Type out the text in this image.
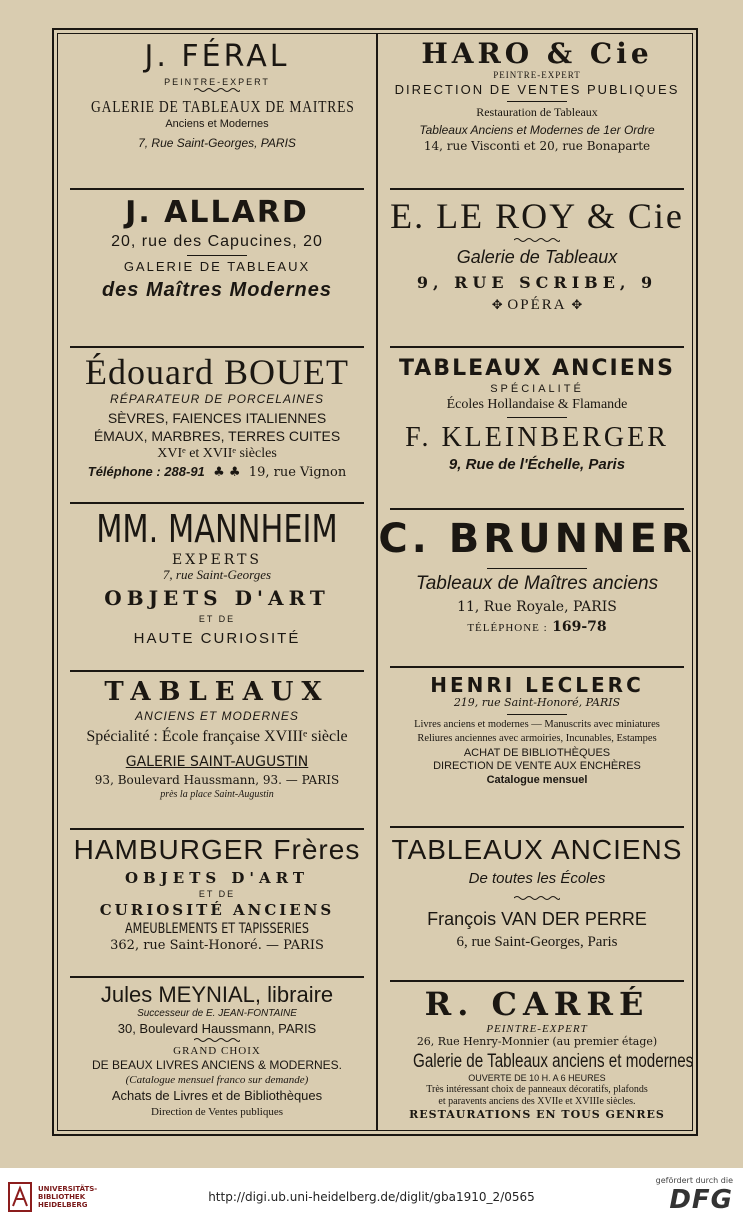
J. FÉRAL
PEINTRE-EXPERT
GALERIE DE TABLEAUX DE MAITRES
Anciens et Modernes
7, Rue Saint-Georges, PARIS
J. ALLARD
20, rue des Capucines, 20
GALERIE DE TABLEAUX
des Maîtres Modernes
Édouard BOUET
RÉPARATEUR DE PORCELAINES
SÈVRES, FAIENCES ITALIENNES
ÉMAUX, MARBRES, TERRES CUITES
XVIᵉ et XVIIᵉ siècles
Téléphone : 288-91  ♣ ♣  19, rue Vignon
MM. MANNHEIM
EXPERTS
7, rue Saint-Georges
OBJETS D'ART
ET DE
HAUTE CURIOSITÉ
TABLEAUX
ANCIENS ET MODERNES
Spécialité : École française XVIIIᵉ siècle
GALERIE SAINT-AUGUSTIN
93, Boulevard Haussmann, 93. — PARIS
près la place Saint-Augustin
HAMBURGER Frères
OBJETS D'ART
ET DE
CURIOSITÉ ANCIENS
AMEUBLEMENTS ET TAPISSERIES
362, rue Saint-Honoré. — PARIS
Jules MEYNIAL, libraire
Successeur de E. JEAN-FONTAINE
30, Boulevard Haussmann, PARIS
GRAND CHOIX
DE BEAUX LIVRES ANCIENS & MODERNES.
(Catalogue mensuel franco sur demande)
Achats de Livres et de Bibliothèques
Direction de Ventes publiques
HARO & Cie
PEINTRE-EXPERT
DIRECTION DE VENTES PUBLIQUES
Restauration de Tableaux
Tableaux Anciens et Modernes de 1er Ordre
14, rue Visconti et 20, rue Bonaparte
E. LE ROY & Cie
Galerie de Tableaux
9, RUE SCRIBE, 9
✥ OPÉRA ✥
TABLEAUX ANCIENS
SPÉCIALITÉ
Écoles Hollandaise & Flamande
F. KLEINBERGER
9, Rue de l'Échelle, Paris
C. BRUNNER
Tableaux de Maîtres anciens
11, Rue Royale, PARIS
TÉLÉPHONE : 169-78
HENRI LECLERC
219, rue Saint-Honoré, PARIS
Livres anciens et modernes — Manuscrits avec miniatures
Reliures anciennes avec armoiries, Incunables, Estampes
ACHAT DE BIBLIOTHÈQUES
DIRECTION DE VENTE AUX ENCHÈRES
Catalogue mensuel
TABLEAUX ANCIENS
De toutes les Écoles
François VAN DER PERRE
6, rue Saint-Georges, Paris
R. CARRÉ
PEINTRE-EXPERT
26, Rue Henry-Monnier (au premier étage)
Galerie de Tableaux anciens et modernes
OUVERTE DE 10 H. A 6 HEURES
Très intéressant choix de panneaux décoratifs, plafonds
et paravents anciens des XVIIe et XVIIIe siècles.
RESTAURATIONS EN TOUS GENRES
UNIVERSITÄTS-
BIBLIOTHEK
HEIDELBERG
http://digi.ub.uni-heidelberg.de/diglit/gba1910_2/0565
gefördert durch die
DFG
